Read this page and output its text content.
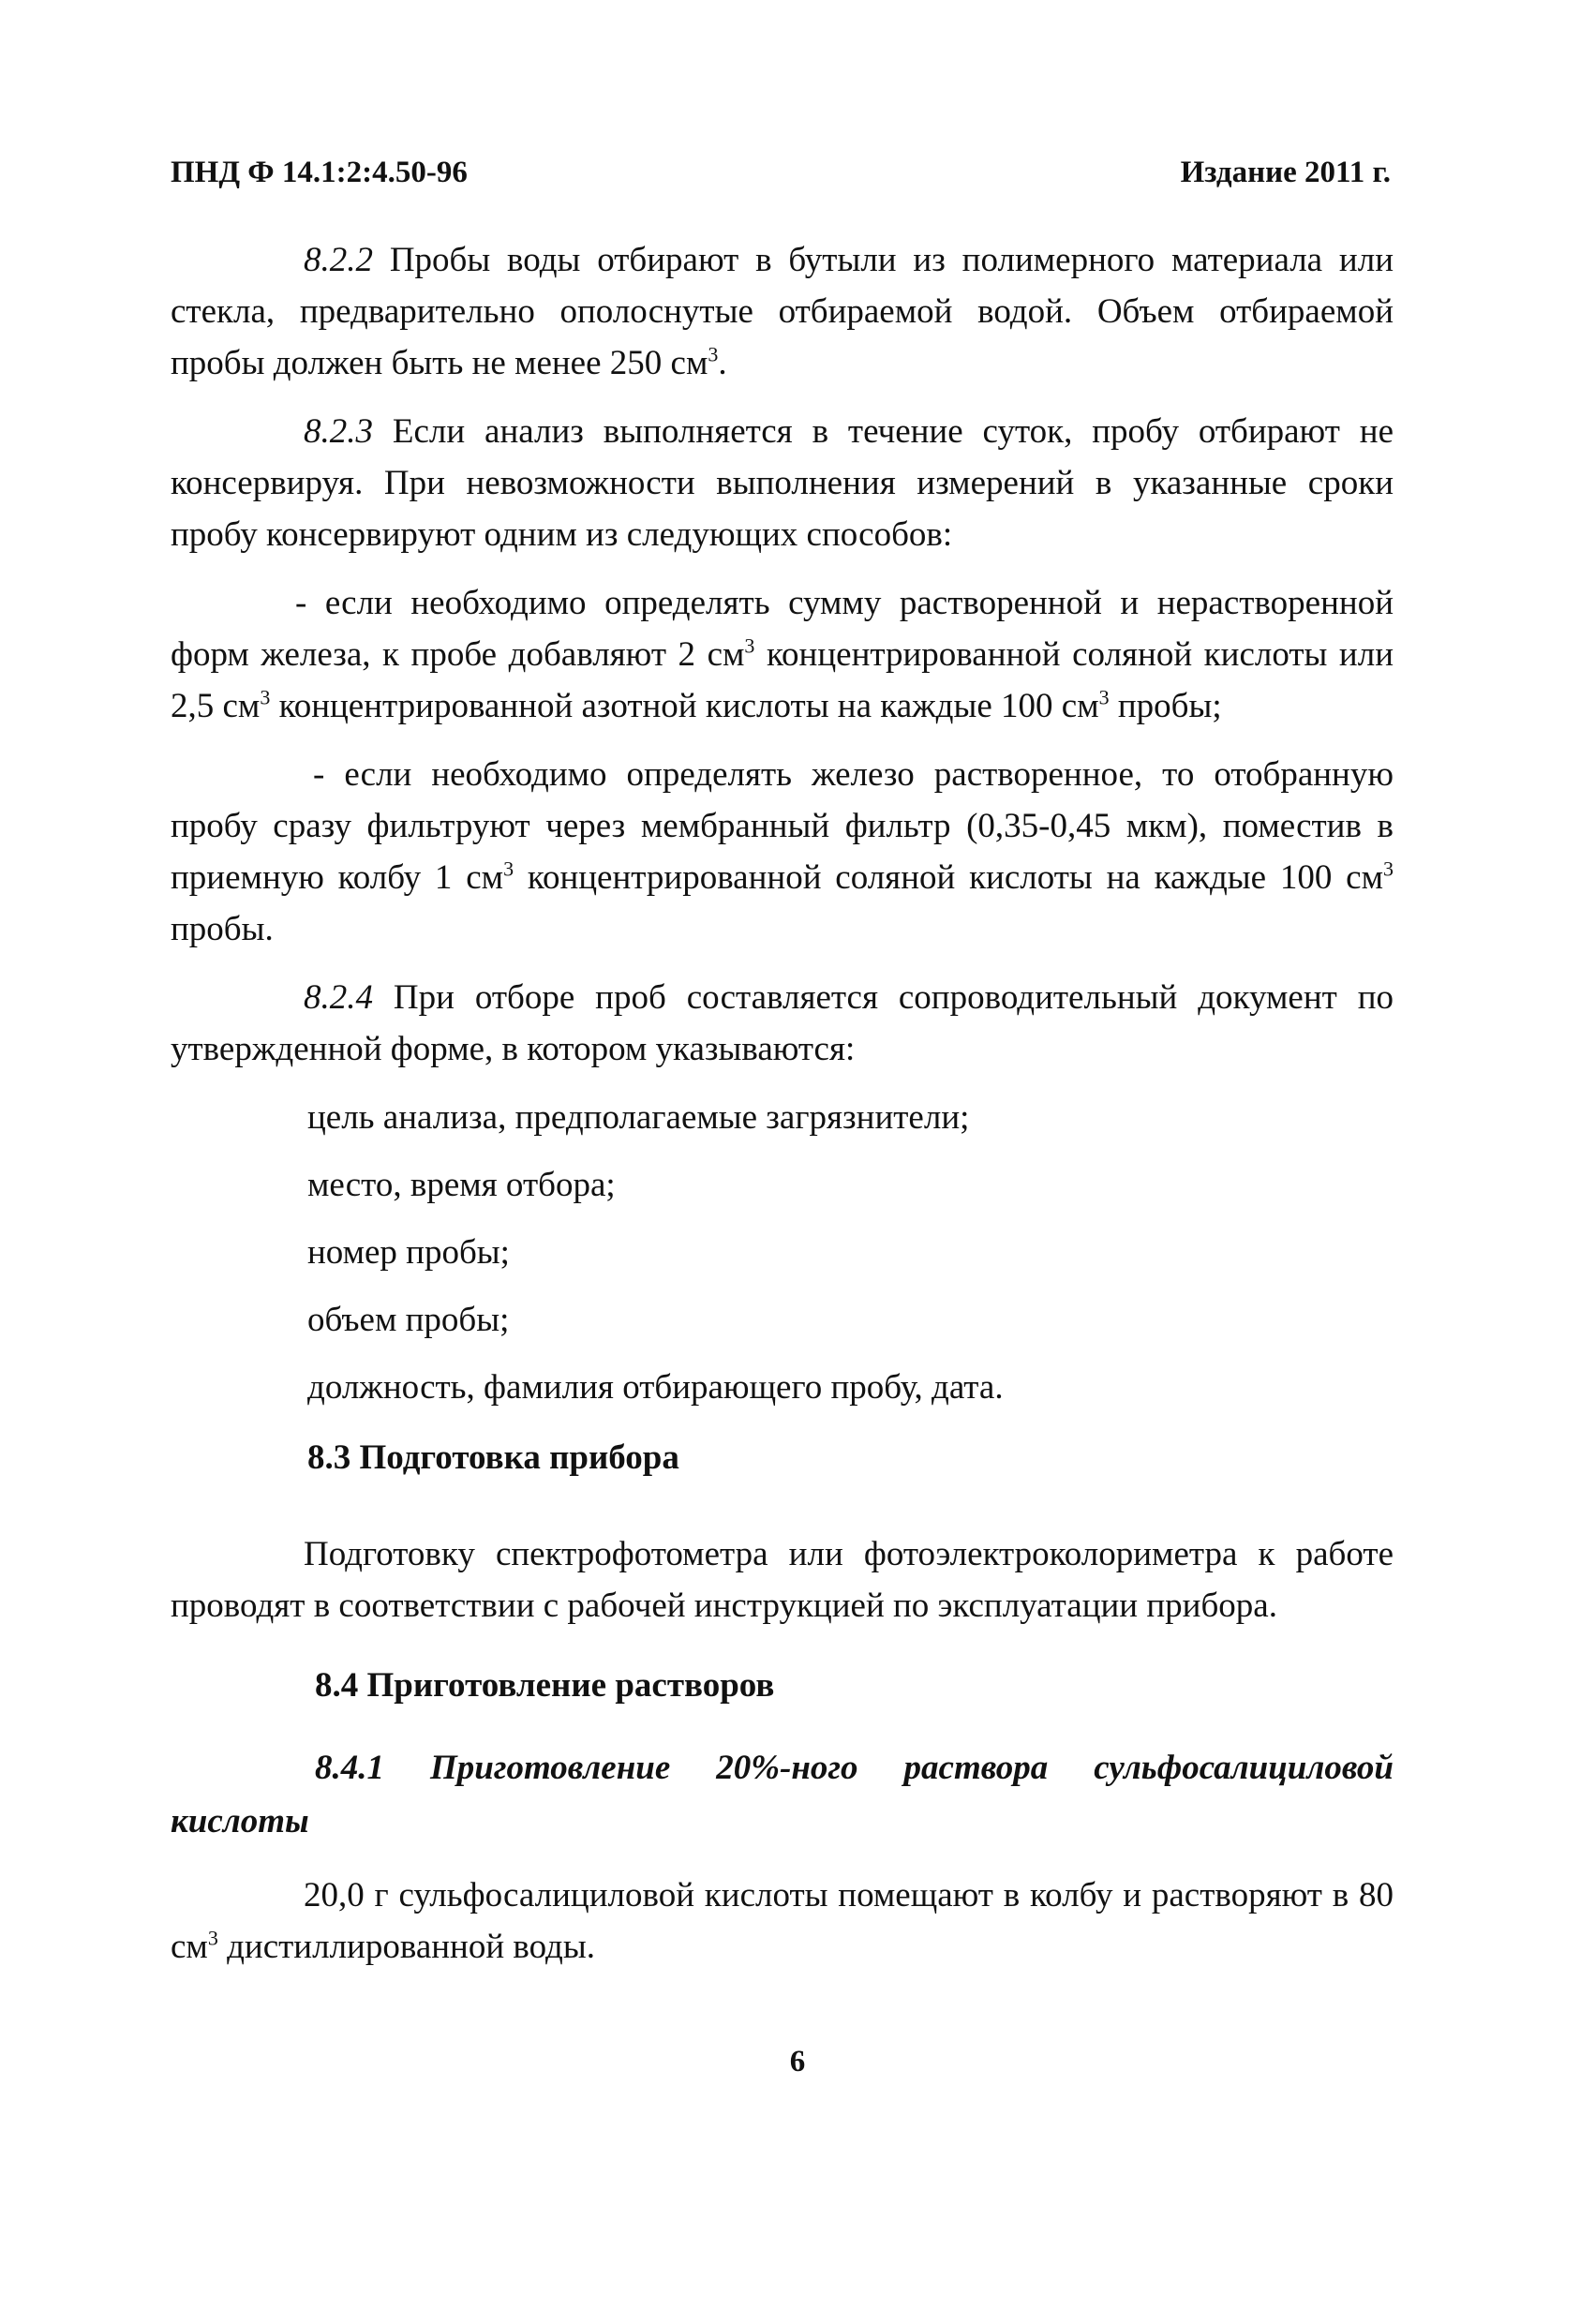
ПНД Ф 14.1:2:4.50-96	Издание 2011 г.

8.2.2 Пробы воды отбирают в бутыли из полимерного материала или стекла, предварительно ополоснутые отбираемой водой. Объем отбираемой пробы должен быть не менее 250 $см^3$.

8.2.3 Если анализ выполняется в течение суток, пробу отбирают не консервируя. При невозможности выполнения измерений в указанные сроки пробу консервируют одним из следующих способов:

- если необходимо определять сумму растворенной и нерастворенной форм железа, к пробе добавляют 2 $см^3$ концентрированной соляной кислоты или 2,5 $см^3$ концентрированной азотной кислоты на каждые 100 $см^3$ пробы;

- если необходимо определять железо растворенное, то отобранную пробу сразу фильтруют через мембранный фильтр (0,35-0,45 мкм), поместив в приемную колбу 1 $см^3$ концентрированной соляной кислоты на каждые 100 $см^3$ пробы.

8.2.4 При отборе проб составляется сопроводительный документ по утвержденной форме, в котором указываются:

цель анализа, предполагаемые загрязнители;
место, время отбора;
номер пробы;
объем пробы;
должность, фамилия отбирающего пробу, дата.
8.3 Подготовка прибора

Подготовку спектрофотометра или фотоэлектроколориметра к работе проводят в соответствии с рабочей инструкцией по эксплуатации прибора.

8.4 Приготовление растворов
8.4.1 Приготовление 20%-ного раствора сульфосалициловой
кислоты

20,0 г сульфосалициловой кислоты помещают в колбу и растворяют в 80 $см^3$ дистиллированной воды.

6
